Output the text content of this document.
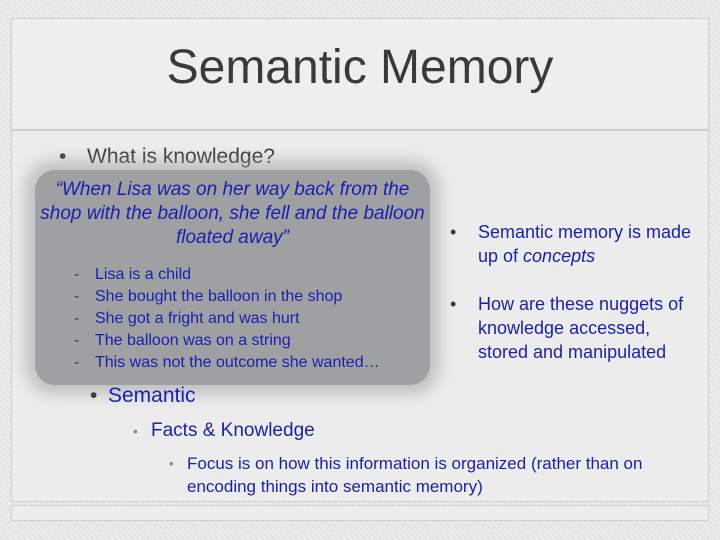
Semantic Memory
• What is knowledge?
“When Lisa was on her way back from the shop with the balloon, she fell and the balloon floated away”
- Lisa is a child
- She bought the balloon in the shop
- She got a fright and was hurt
- The balloon was on a string
- This was not the outcome she wanted…
• Semantic memory is made up of concepts
• How are these nuggets of knowledge accessed, stored and manipulated
• Semantic
• Facts & Knowledge
• Focus is on how this information is organized (rather than on encoding things into semantic memory)
